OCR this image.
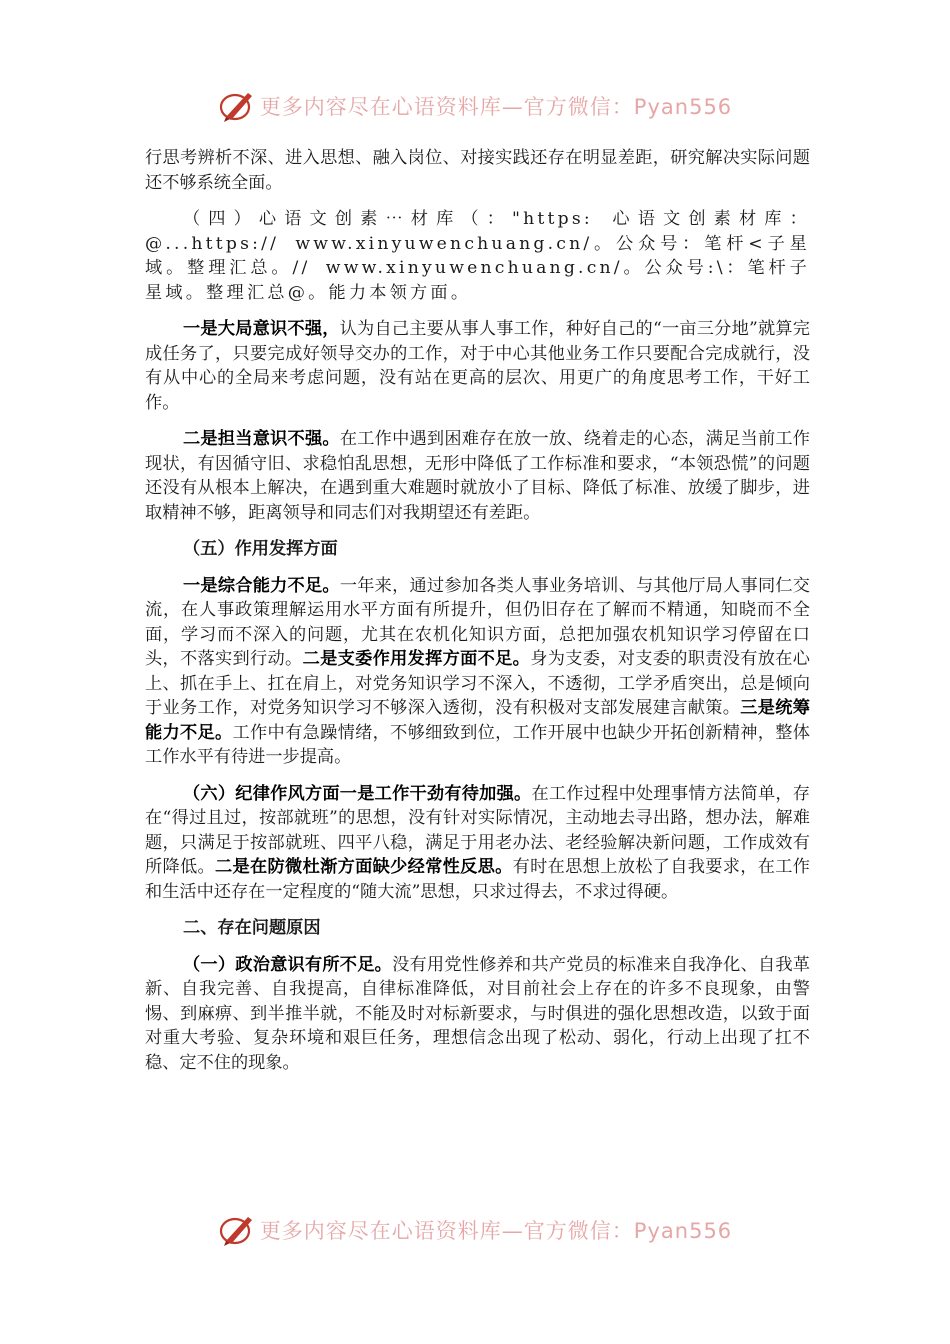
更多内容尽在心语资料库—官方微信：Pyan556

行思考辨析不深、进入思想、融入岗位、对接实践还存在明显差距，研究解决实际问题还不够系统全面。

（四）心语文创素⋯材库（："https: 心语文创素材库：@...https:// www.xinyuwenchuang.cn/。公众号：笔杆<子星域。整理汇总。// www.xinyuwenchuang.cn/。公众号:\：笔杆子星域。整理汇总@。能力本领方面。

一是大局意识不强，认为自己主要从事人事工作，种好自己的“一亩三分地”就算完成任务了，只要完成好领导交办的工作，对于中心其他业务工作只要配合完成就行，没有从中心的全局来考虑问题，没有站在更高的层次、用更广的角度思考工作，干好工作。

二是担当意识不强。在工作中遇到困难存在放一放、绕着走的心态，满足当前工作现状，有因循守旧、求稳怕乱思想，无形中降低了工作标准和要求，“本领恐慌”的问题还没有从根本上解决，在遇到重大难题时就放小了目标、降低了标准、放缓了脚步，进取精神不够，距离领导和同志们对我期望还有差距。

（五）作用发挥方面

一是综合能力不足。一年来，通过参加各类人事业务培训、与其他厅局人事同仁交流，在人事政策理解运用水平方面有所提升，但仍旧存在了解而不精通，知晓而不全面，学习而不深入的问题，尤其在农机化知识方面，总把加强农机知识学习停留在口头，不落实到行动。二是支委作用发挥方面不足。身为支委，对支委的职责没有放在心上、抓在手上、扛在肩上，对党务知识学习不深入，不透彻，工学矛盾突出，总是倾向于业务工作，对党务知识学习不够深入透彻，没有积极对支部发展建言献策。三是统筹能力不足。工作中有急躁情绪，不够细致到位，工作开展中也缺少开拓创新精神，整体工作水平有待进一步提高。

（六）纪律作风方面一是工作干劲有待加强。在工作过程中处理事情方法简单，存在“得过且过，按部就班”的思想，没有针对实际情况，主动地去寻出路，想办法，解难题，只满足于按部就班、四平八稳，满足于用老办法、老经验解决新问题，工作成效有所降低。二是在防微杜渐方面缺少经常性反思。有时在思想上放松了自我要求，在工作和生活中还存在一定程度的“随大流”思想，只求过得去，不求过得硬。

二、存在问题原因

（一）政治意识有所不足。没有用党性修养和共产党员的标准来自我净化、自我革新、自我完善、自我提高，自律标准降低，对目前社会上存在的许多不良现象，由警惕、到麻痹、到半推半就，不能及时对标新要求，与时俱进的强化思想改造，以致于面对重大考验、复杂环境和艰巨任务，理想信念出现了松动、弱化，行动上出现了扛不稳、定不住的现象。

更多内容尽在心语资料库—官方微信：Pyan556
